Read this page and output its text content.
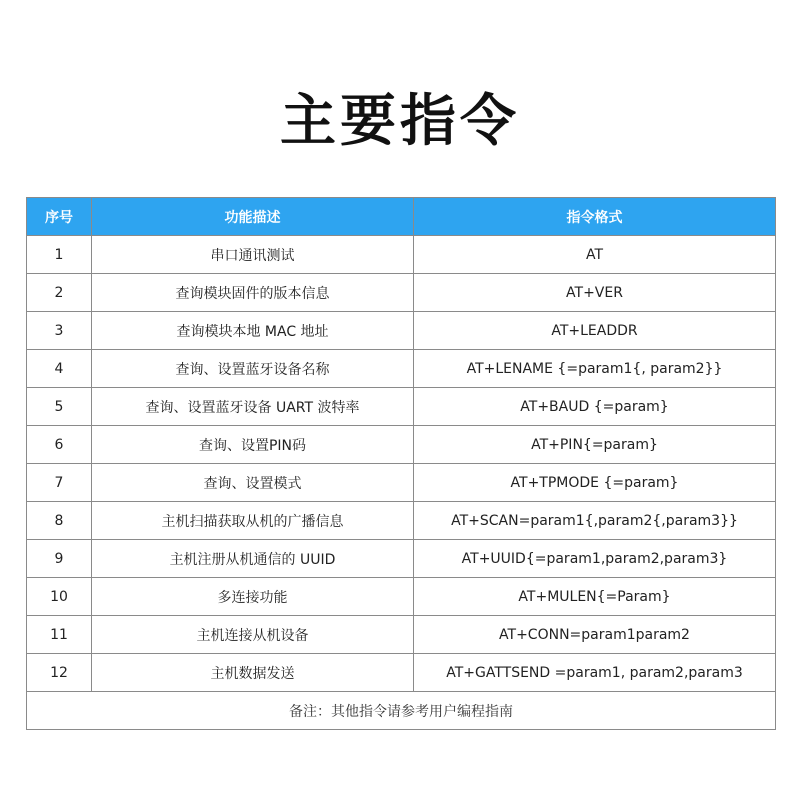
主要指令
序号	功能描述	指令格式
1	串口通讯测试	AT
2	查询模块固件的版本信息	AT+VER
3	查询模块本地 MAC 地址	AT+LEADDR
4	查询、设置蓝牙设备名称	AT+LENAME {=param1{, param2}}
5	查询、设置蓝牙设备 UART 波特率	AT+BAUD {=param}
6	查询、设置PIN码	AT+PIN{=param}
7	查询、设置模式	AT+TPMODE {=param}
8	主机扫描获取从机的广播信息	AT+SCAN=param1{,param2{,param3}}
9	主机注册从机通信的 UUID	AT+UUID{=param1,param2,param3}
10	多连接功能	AT+MULEN{=Param}
11	主机连接从机设备	AT+CONN=param1param2
12	主机数据发送	AT+GATTSEND =param1, param2,param3
备注：其他指令请参考用户编程指南		
